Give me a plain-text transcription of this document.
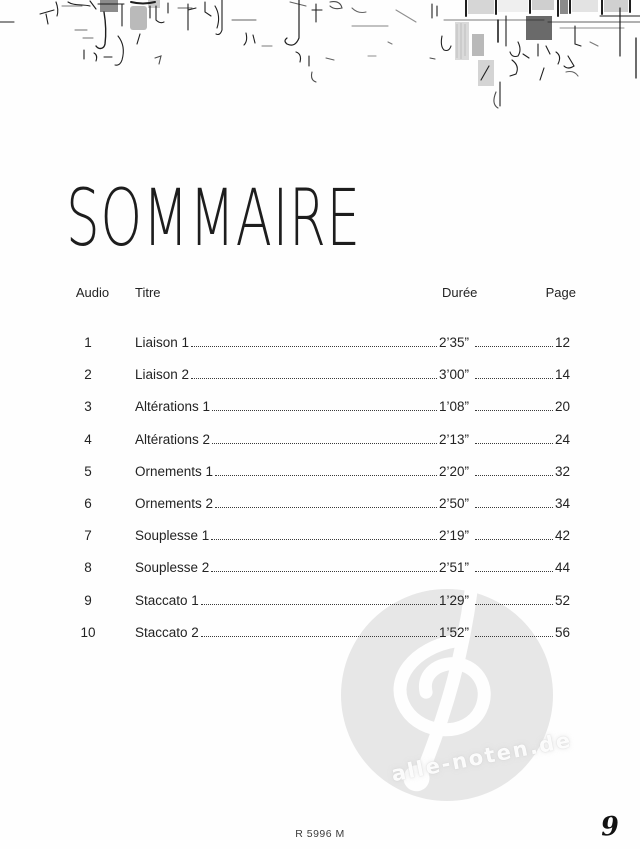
SOMMAIRE
alle-noten.de
Audio	Titre	Durée	Page
1	Liaison 1	2’35”	12
2	Liaison 2	3’00”	14
3	Altérations 1	1’08”	20
4	Altérations 2	2’13”	24
5	Ornements 1	2’20”	32
6	Ornements 2	2’50”	34
7	Souplesse 1	2’19”	42
8	Souplesse 2	2’51”	44
9	Staccato 1	1’29”	52
10	Staccato 2	1’52”	56
R 5996 M	9
